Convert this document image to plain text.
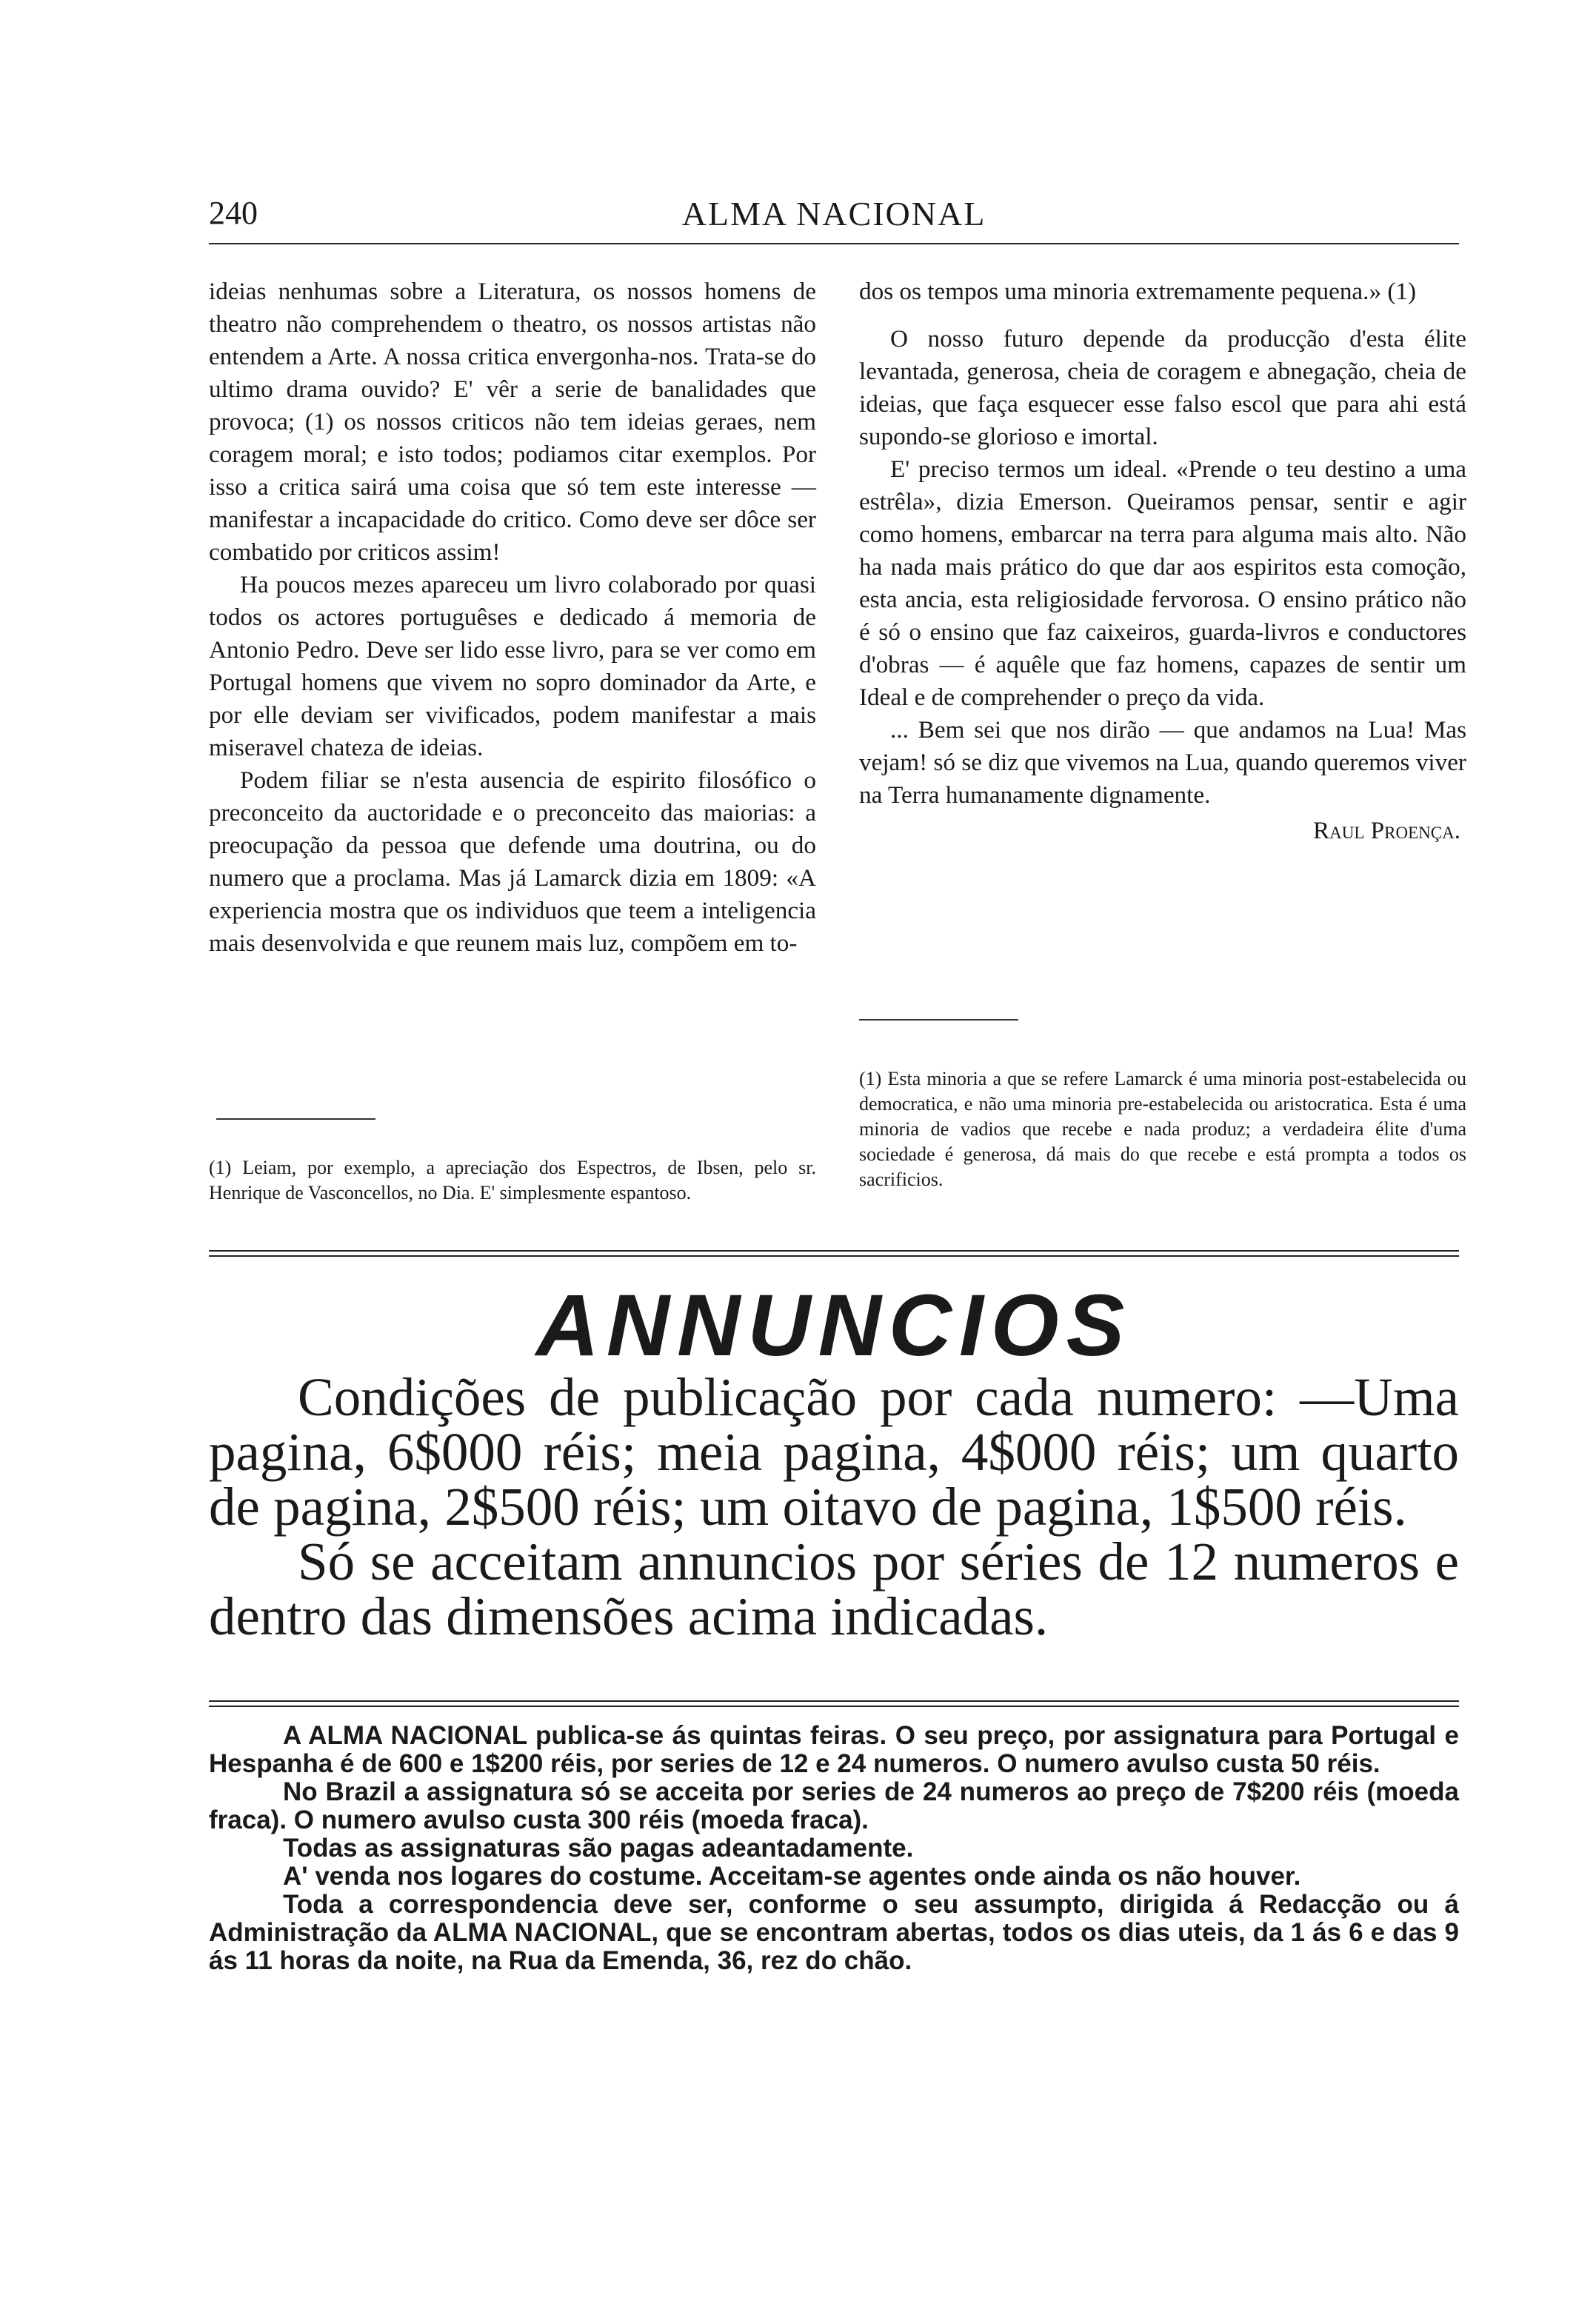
240	ALMA NACIONAL

ideias nenhumas sobre a Literatura, os nossos homens de theatro não comprehendem o theatro, os nossos artistas não entendem a Arte. A nossa critica envergonha-nos. Trata-se do ultimo drama ouvido? E' vêr a serie de banalidades que provoca; (1) os nossos criticos não tem ideias geraes, nem coragem moral; e isto todos; podiamos citar exemplos. Por isso a critica sairá uma coisa que só tem este interesse — manifestar a incapacidade do critico. Como deve ser dôce ser combatido por criticos assim!

Ha poucos mezes apareceu um livro colaborado por quasi todos os actores portuguêses e dedicado á memoria de Antonio Pedro. Deve ser lido esse livro, para se ver como em Portugal homens que vivem no sopro dominador da Arte, e por elle deviam ser vivificados, podem manifestar a mais miseravel chateza de ideias.

Podem filiar se n'esta ausencia de espirito filosófico o preconceito da auctoridade e o preconceito das maiorias: a preocupação da pessoa que defende uma doutrina, ou do numero que a proclama. Mas já Lamarck dizia em 1809: «A experiencia mostra que os individuos que teem a inteligencia mais desenvolvida e que reunem mais luz, compõem em to-

dos os tempos uma minoria extremamente pequena.» (1)

O nosso futuro depende da producção d'esta élite levantada, generosa, cheia de coragem e abnegação, cheia de ideias, que faça esquecer esse falso escol que para ahi está supondo-se glorioso e imortal.

E' preciso termos um ideal. «Prende o teu destino a uma estrêla», dizia Emerson. Queiramos pensar, sentir e agir como homens, embarcar na terra para alguma mais alto. Não ha nada mais prático do que dar aos espiritos esta comoção, esta ancia, esta religiosidade fervorosa. O ensino prático não é só o ensino que faz caixeiros, guarda-livros e conductores d'obras — é aquêle que faz homens, capazes de sentir um Ideal e de comprehender o preço da vida.

... Bem sei que nos dirão — que andamos na Lua! Mas vejam! só se diz que vivemos na Lua, quando queremos viver na Terra humanamente dignamente.

Raul Proença.

(1) Leiam, por exemplo, a apreciação dos Espectros, de Ibsen, pelo sr. Henrique de Vasconcellos, no Dia. E' simplesmente espantoso.
(1) Esta minoria a que se refere Lamarck é uma minoria post-estabelecida ou democratica, e não uma minoria pre-estabelecida ou aristocratica. Esta é uma minoria de vadios que recebe e nada produz; a verdadeira élite d'uma sociedade é generosa, dá mais do que recebe e está prompta a todos os sacrificios.
ANNUNCIOS

Condições de publicação por cada numero: —Uma pagina, 6$000 réis; meia pagina, 4$000 réis; um quarto de pagina, 2$500 réis; um oitavo de pagina, 1$500 réis.

Só se acceitam annuncios por séries de 12 numeros e dentro das dimensões acima indicadas.

A ALMA NACIONAL publica-se ás quintas feiras. O seu preço, por assignatura para Portugal e Hespanha é de 600 e 1$200 réis, por series de 12 e 24 numeros. O numero avulso custa 50 réis.

No Brazil a assignatura só se acceita por series de 24 numeros ao preço de 7$200 réis (moeda fraca). O numero avulso custa 300 réis (moeda fraca).

Todas as assignaturas são pagas adeantadamente.

A' venda nos logares do costume. Acceitam-se agentes onde ainda os não houver.

Toda a correspondencia deve ser, conforme o seu assumpto, dirigida á Redacção ou á Administração da ALMA NACIONAL, que se encontram abertas, todos os dias uteis, da 1 ás 6 e das 9 ás 11 horas da noite, na Rua da Emenda, 36, rez do chão.
